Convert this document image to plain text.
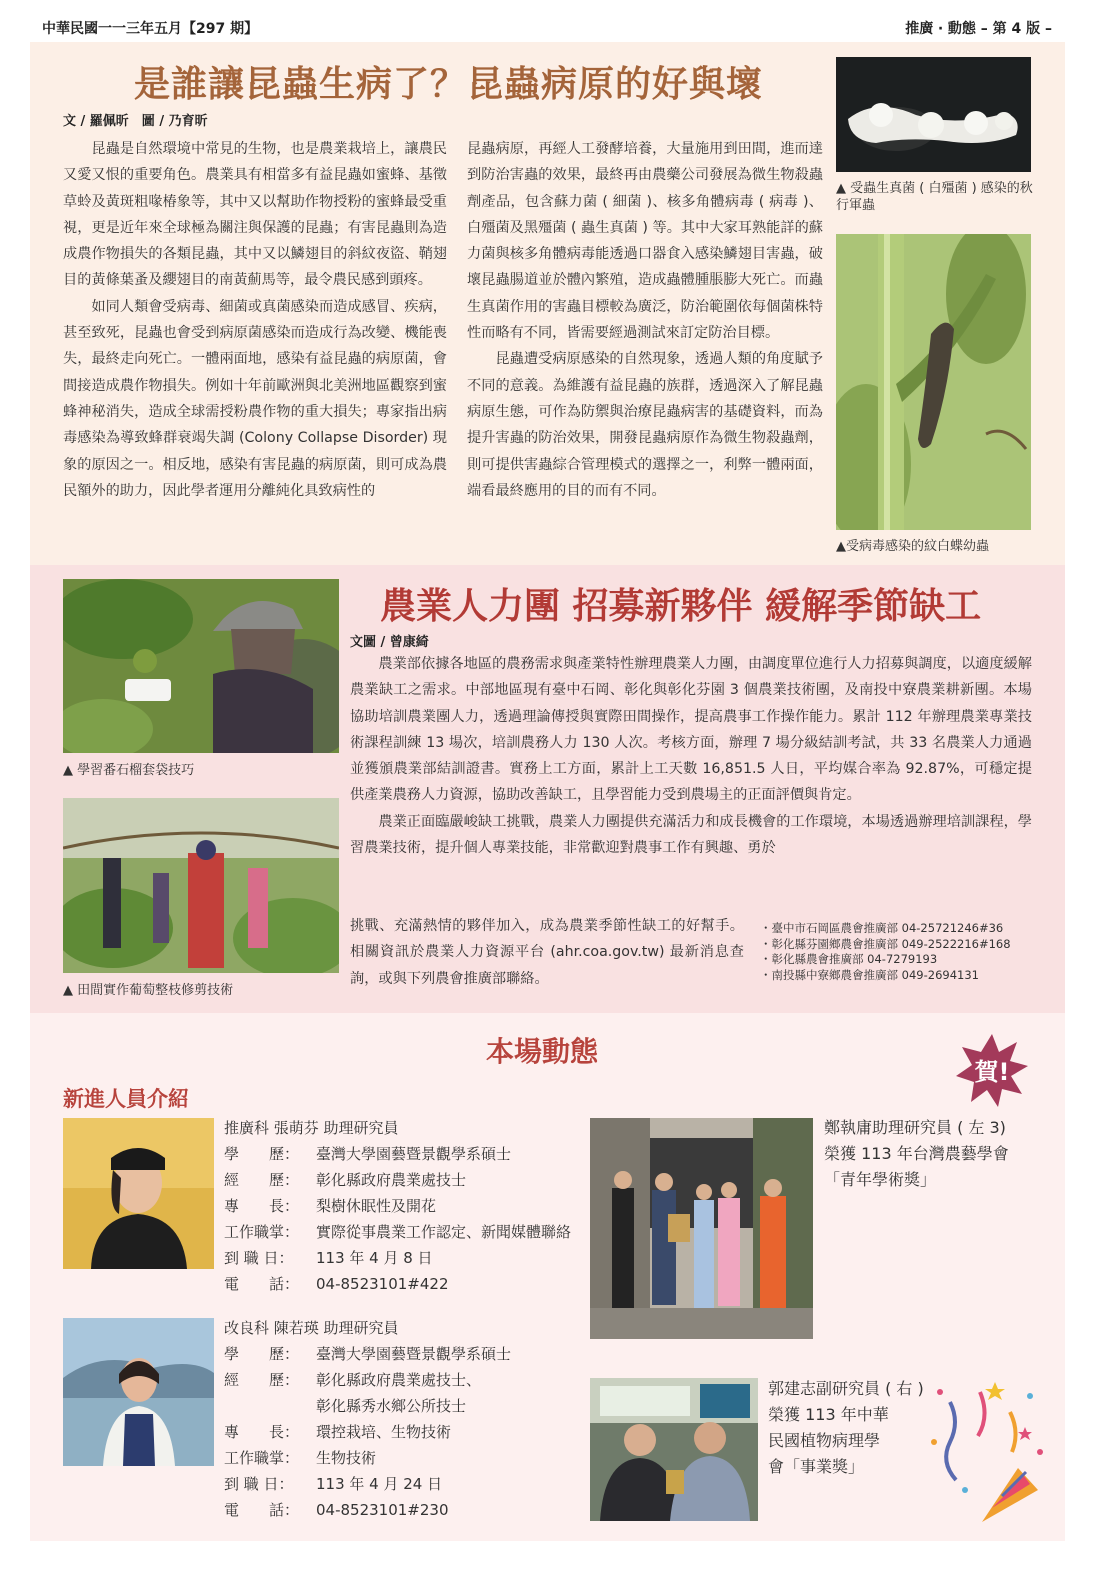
中華民國一一三年五月【297 期】	推廣 ‧ 動態 – 第 4 版 –
是誰讓昆蟲生病了？昆蟲病原的好與壞
文 / 羅佩昕　圖 / 乃育昕

昆蟲是自然環境中常見的生物，也是農業栽培上，讓農民又愛又恨的重要角色。農業具有相當多有益昆蟲如蜜蜂、基徵草蛉及黃斑粗喙椿象等，其中又以幫助作物授粉的蜜蜂最受重視，更是近年來全球極為關注與保護的昆蟲；有害昆蟲則為造成農作物損失的各類昆蟲，其中又以鱗翅目的斜紋夜盜、鞘翅目的黃條葉蚤及纓翅目的南黃薊馬等，最令農民感到頭疼。

如同人類會受病毒、細菌或真菌感染而造成感冒、疾病，甚至致死，昆蟲也會受到病原菌感染而造成行為改變、機能喪失，最終走向死亡。一體兩面地，感染有益昆蟲的病原菌，會間接造成農作物損失。例如十年前歐洲與北美洲地區觀察到蜜蜂神秘消失，造成全球需授粉農作物的重大損失；專家指出病毒感染為導致蜂群衰竭失調 (Colony Collapse Disorder) 現象的原因之一。相反地，感染有害昆蟲的病原菌，則可成為農民額外的助力，因此學者運用分離純化具致病性的

昆蟲病原，再經人工發酵培養，大量施用到田間，進而達到防治害蟲的效果，最終再由農藥公司發展為微生物殺蟲劑產品，包含蘇力菌 ( 細菌 )、核多角體病毒 ( 病毒 )、白殭菌及黑殭菌 ( 蟲生真菌 ) 等。其中大家耳熟能詳的蘇力菌與核多角體病毒能透過口器食入感染鱗翅目害蟲，破壞昆蟲腸道並於體內繁殖，造成蟲體腫脹膨大死亡。而蟲生真菌作用的害蟲目標較為廣泛，防治範圍依每個菌株特性而略有不同，皆需要經過測試來訂定防治目標。

昆蟲遭受病原感染的自然現象，透過人類的角度賦予不同的意義。為維護有益昆蟲的族群，透過深入了解昆蟲病原生態，可作為防禦與治療昆蟲病害的基礎資料，而為提升害蟲的防治效果，開發昆蟲病原作為微生物殺蟲劑，則可提供害蟲綜合管理模式的選擇之一，利弊一體兩面，端看最終應用的目的而有不同。

▲ 受蟲生真菌 ( 白殭菌 ) 感染的秋行軍蟲
▲受病毒感染的紋白蝶幼蟲
▲ 學習番石榴套袋技巧
▲ 田間實作葡萄整枝修剪技術
農業人力團 招募新夥伴 緩解季節缺工
文圖 / 曾康綺

農業部依據各地區的農務需求與產業特性辦理農業人力團，由調度單位進行人力招募與調度，以適度緩解農業缺工之需求。中部地區現有臺中石岡、彰化與彰化芬園 3 個農業技術團，及南投中寮農業耕新團。本場協助培訓農業團人力，透過理論傳授與實際田間操作，提高農事工作操作能力。累計 112 年辦理農業專業技術課程訓練 13 場次，培訓農務人力 130 人次。考核方面，辦理 7 場分級結訓考試，共 33 名農業人力通過並獲頒農業部結訓證書。實務上工方面，累計上工天數 16,851.5 人日，平均媒合率為 92.87%，可穩定提供產業農務人力資源，協助改善缺工，且學習能力受到農場主的正面評價與肯定。

農業正面臨嚴峻缺工挑戰，農業人力團提供充滿活力和成長機會的工作環境，本場透過辦理培訓課程，學習農業技術，提升個人專業技能，非常歡迎對農事工作有興趣、勇於

挑戰、充滿熱情的夥伴加入，成為農業季節性缺工的好幫手。相關資訊於農業人力資源平台 (ahr.coa.gov.tw) 最新消息查詢，或與下列農會推廣部聯絡。

・ 臺中市石岡區農會推廣部 04-25721246#36
・ 彰化縣芬園鄉農會推廣部 049-2522216#168
・ 彰化縣農會推廣部 04-7279193
・ 南投縣中寮鄉農會推廣部 049-2694131
本場動態
新進人員介紹
賀!
推廣科 張萌芬 助理研究員
學　　歷：	臺灣大學園藝暨景觀學系碩士
經　　歷：	彰化縣政府農業處技士
專　　長：	梨樹休眠性及開花
工作職掌：	實際從事農業工作認定、新聞媒體聯絡
到 職 日：	113 年 4 月 8 日
電　　話：	04-8523101#422
改良科 陳若瑛 助理研究員
學　　歷：	臺灣大學園藝暨景觀學系碩士
經　　歷：	彰化縣政府農業處技士、
彰化縣秀水鄉公所技士
專　　長：	環控栽培、生物技術
工作職掌：	生物技術
到 職 日：	113 年 4 月 24 日
電　　話：	04-8523101#230
鄭執庸助理研究員 ( 左 3)
榮獲 113 年台灣農藝學會
「青年學術獎」
郭建志副研究員 ( 右 )
榮獲 113 年中華
民國植物病理學
會「事業獎」
